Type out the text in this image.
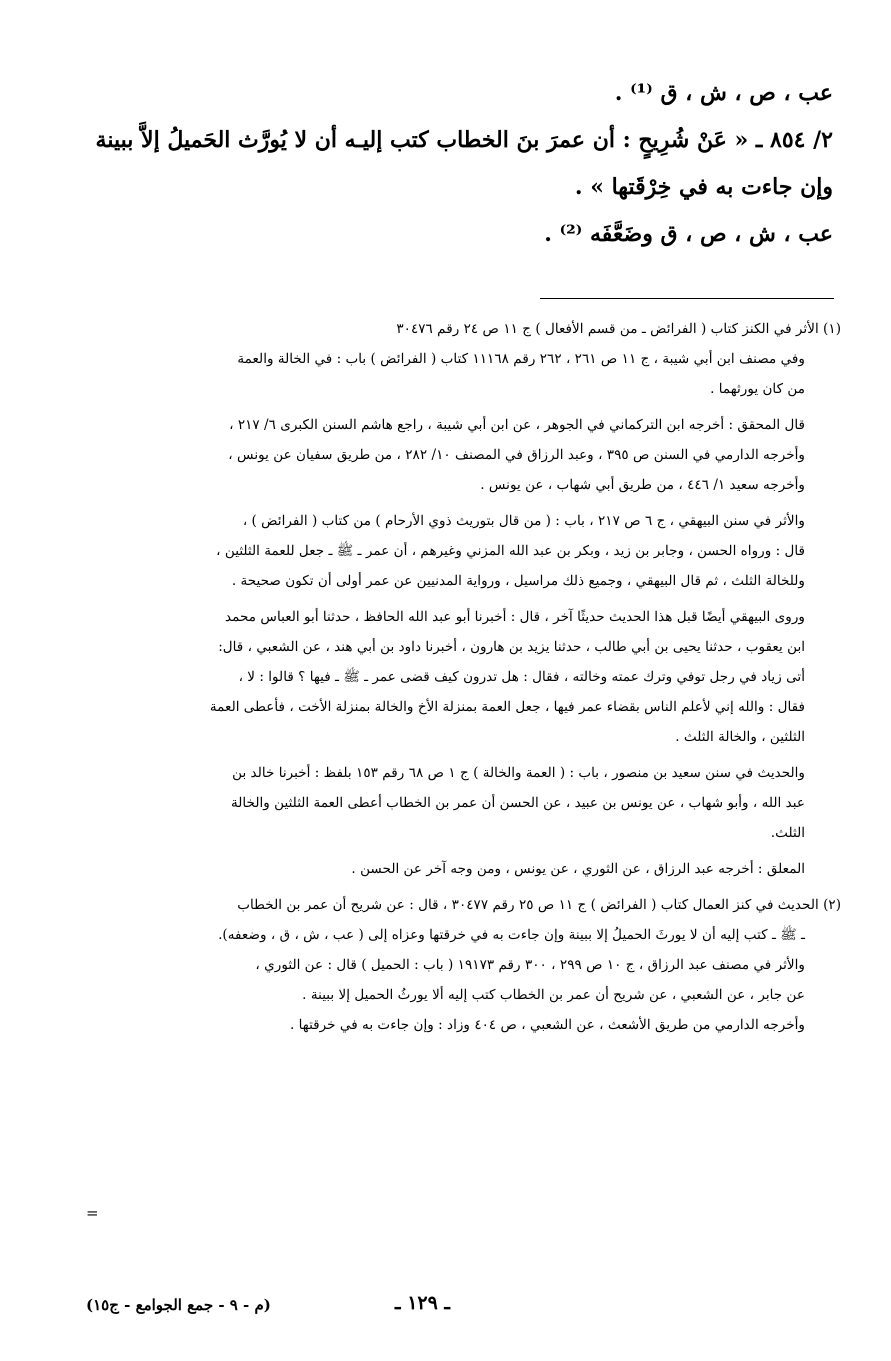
عب ، ص ، ش ، ق ⁽¹⁾ .

٢/ ٨٥٤ ـ « عَنْ شُرِيحٍ : أن عمرَ بنَ الخطاب كتب إليـه أن لا يُورَّث الحَميلُ إلاَّ ببينة

وإن جاءت به في خِرْقَتها » .

عب ، ش ، ص ، ق وضَعَّفَه ⁽²⁾ .

(١) الأثر في الكنز كتاب ( الفرائض ـ من قسم الأفعال ) ج ١١ ص ٢٤ رقم ٣٠٤٧٦
وفي مصنف ابن أبي شيبة ، ج ١١ ص ٢٦١ ، ٢٦٢ رقم ١١١٦٨ كتاب ( الفرائض ) باب : في الخالة والعمة
من كان يورثهما .
قال المحقق : أخرجه ابن التركماني في الجوهر ، عن ابن أبي شيبة ، راجع هاشم السنن الكبرى ٦/ ٢١٧ ،
وأخرجه الدارمي في السنن ص ٣٩٥ ، وعبد الرزاق في المصنف ١٠/ ٢٨٢ ، من طريق سفيان عن يونس ،
وأخرجه سعيد ١/ ٤٤٦ ، من طريق أبي شهاب ، عن يونس .
والأثر في سنن البيهقي ، ج ٦ ص ٢١٧ ، باب : ( من قال بتوريث ذوي الأرحام ) من كتاب ( الفرائض ) ،
قال : ورواه الحسن ، وجابر بن زيد ، وبكر بن عبد الله المزني وغيرهم ، أن عمر ـ ﷺ ـ جعل للعمة الثلثين ،
وللخالة الثلث ، ثم قال البيهقي ، وجميع ذلك مراسيل ، ورواية المدنيين عن عمر أولى أن تكون صحيحة .
وروى البيهقي أيضًا قبل هذا الحديث حديثًا آخر ، قال : أخبرنا أبو عبد الله الحافظ ، حدثنا أبو العباس محمد
ابن يعقوب ، حدثنا يحيى بن أبي طالب ، حدثنا يزيد بن هارون ، أخبرنا داود بن أبي هند ، عن الشعبي ، قال:
أتى زياد في رجل توفي وترك عمته وخالته ، فقال : هل تدرون كيف قضى عمر ـ ﷺ ـ فيها ؟ قالوا : لا ،
فقال : والله إني لأعلم الناس بقضاء عمر فيها ، جعل العمة بمنزلة الأخ والخالة بمنزلة الأخت ، فأعطى العمة
الثلثين ، والخالة الثلث .
والحديث في سنن سعيد بن منصور ، باب : ( العمة والخالة ) ج ١ ص ٦٨ رقم ١٥٣ بلفظ : أخبرنا خالد بن
عبد الله ، وأبو شهاب ، عن يونس بن عبيد ، عن الحسن أن عمر بن الخطاب أعطى العمة الثلثين والخالة
الثلث.
المعلق : أخرجه عبد الرزاق ، عن الثوري ، عن يونس ، ومن وجه آخر عن الحسن .
(٢) الحديث في كنز العمال كتاب ( الفرائض ) ج ١١ ص ٢٥ رقم ٣٠٤٧٧ ، قال : عن شريح أن عمر بن الخطاب
ـ ﷺ ـ كتب إليه أن لا يورثَ الحميلُ إلا ببينة وإن جاءت به في خرقتها وعزاه إلى ( عب ، ش ، ق ، وضعفه).
والأثر في مصنف عبد الرزاق ، ج ١٠ ص ٢٩٩ ، ٣٠٠ رقم ١٩١٧٣ ( باب : الحميل ) قال : عن الثوري ،
عن جابر ، عن الشعبي ، عن شريح أن عمر بن الخطاب كتب إليه ألا يورثُ الحميل إلا ببينة .
وأخرجه الدارمي من طريق الأشعث ، عن الشعبي ، ص ٤٠٤ وزاد : وإن جاءت به في خرقتها .
=
ـ ١٢٩ ـ
(م - ٩ - جمع الجوامع - ج١٥)
